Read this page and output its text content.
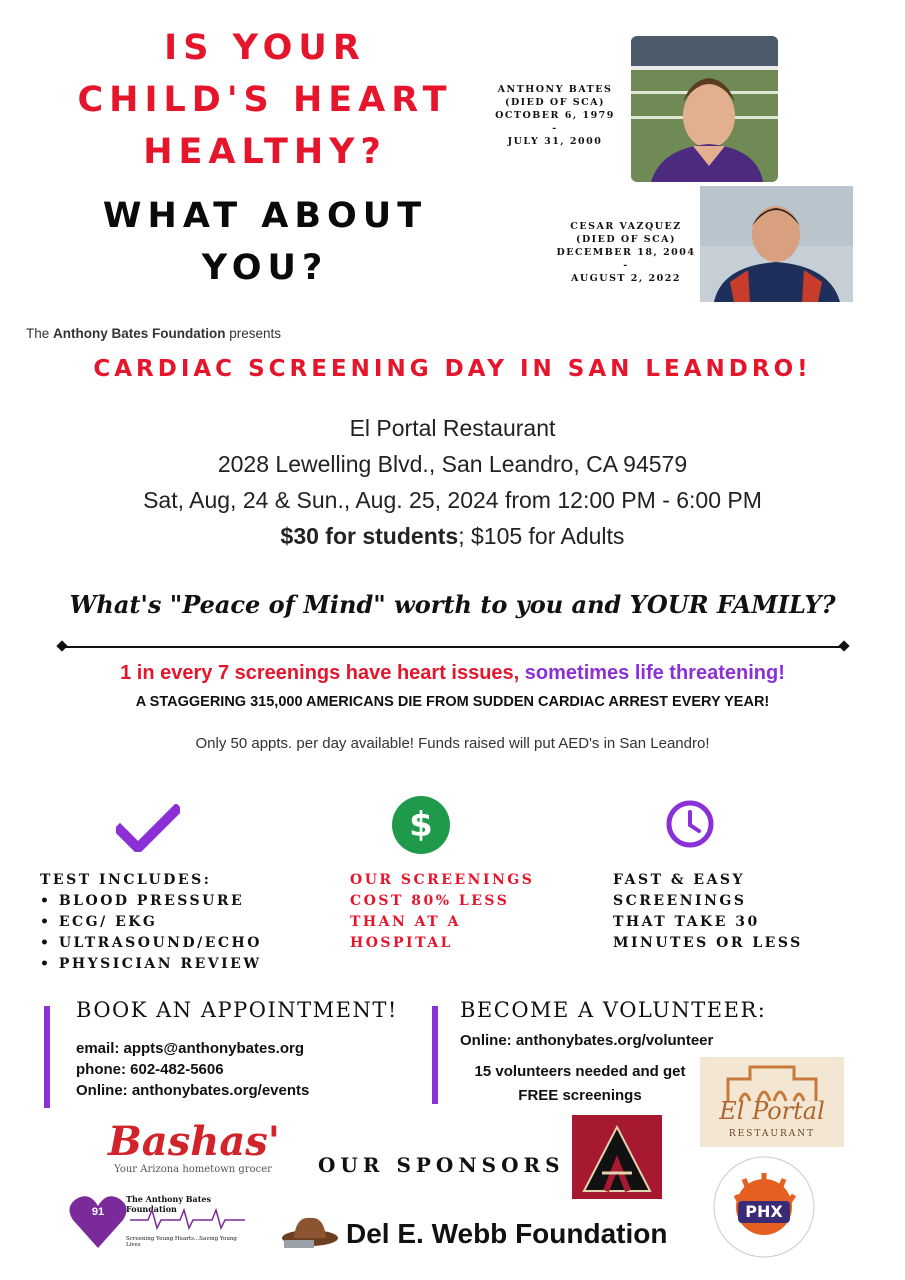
IS YOUR
CHILD'S HEART
HEALTHY?
WHAT ABOUT
YOU?
ANTHONY BATES
(DIED OF SCA)
OCTOBER 6, 1979 -
JULY 31, 2000
CESAR VAZQUEZ
(DIED OF SCA)
DECEMBER 18, 2004 -
AUGUST 2, 2022
The Anthony Bates Foundation presents
CARDIAC SCREENING DAY IN SAN LEANDRO!
El Portal Restaurant
2028 Lewelling Blvd., San Leandro, CA 94579
Sat, Aug, 24 & Sun., Aug. 25, 2024 from 12:00 PM - 6:00 PM
$30 for students; $105 for Adults
What's "Peace of Mind" worth to you and YOUR FAMILY?
1 in every 7 screenings have heart issues, sometimes life threatening!
A STAGGERING 315,000 AMERICANS DIE FROM SUDDEN CARDIAC ARREST EVERY YEAR!
Only 50 appts. per day available! Funds raised will put AED's in San Leandro!
$
TEST INCLUDES:
• BLOOD PRESSURE
• ECG/ EKG
• ULTRASOUND/ECHO
• PHYSICIAN REVIEW
OUR SCREENINGS
COST 80% LESS
THAN AT A
HOSPITAL
FAST & EASY
SCREENINGS
THAT TAKE 30
MINUTES OR LESS
BOOK AN APPOINTMENT!
email: appts@anthonybates.org
phone: 602-482-5606
Online: anthonybates.org/events
BECOME A VOLUNTEER:
Online: anthonybates.org/volunteer
15 volunteers needed and get
FREE screenings
El Portal
RESTAURANT
Bashas'
Your Arizona hometown grocer	OUR SPONSORS
PHX
91
The Anthony Bates Foundation
Screening Young Hearts...Saving Young Lives	Del E. Webb Foundation
